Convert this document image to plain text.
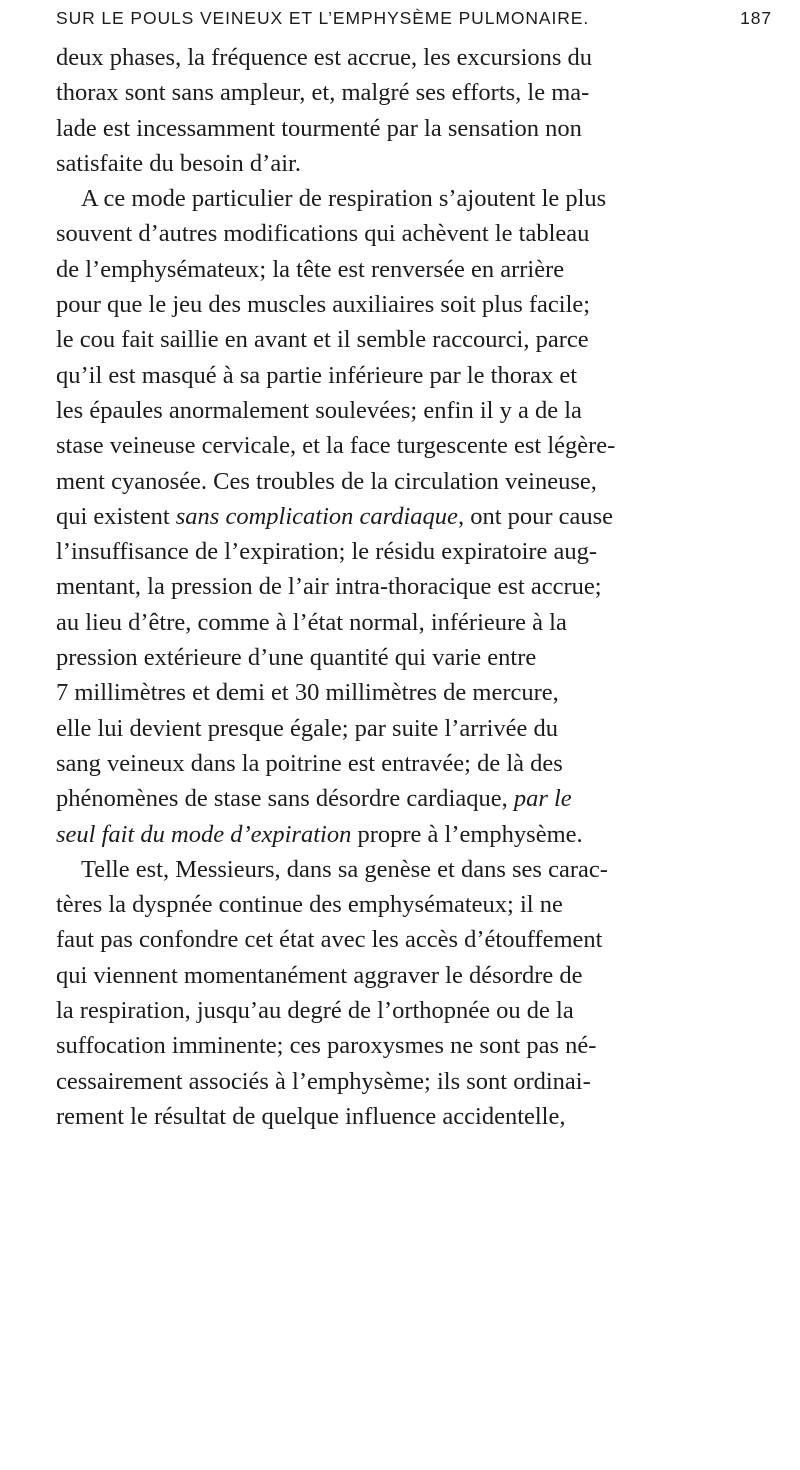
SUR LE POULS VEINEUX ET L’EMPHYSÈME PULMONAIRE.	187
deux phases, la fréquence est accrue, les excursions du
thorax sont sans ampleur, et, malgré ses efforts, le ma-
lade est incessamment tourmenté par la sensation non
satisfaite du besoin d’air.
A ce mode particulier de respiration s’ajoutent le plus
souvent d’autres modifications qui achèvent le tableau
de l’emphysémateux; la tête est renversée en arrière
pour que le jeu des muscles auxiliaires soit plus facile;
le cou fait saillie en avant et il semble raccourci, parce
qu’il est masqué à sa partie inférieure par le thorax et
les épaules anormalement soulevées; enfin il y a de la
stase veineuse cervicale, et la face turgescente est légère-
ment cyanosée. Ces troubles de la circulation veineuse,
qui existent sans complication cardiaque, ont pour cause
l’insuffisance de l’expiration; le résidu expiratoire aug-
mentant, la pression de l’air intra-thoracique est accrue;
au lieu d’être, comme à l’état normal, inférieure à la
pression extérieure d’une quantité qui varie entre
7 millimètres et demi et 30 millimètres de mercure,
elle lui devient presque égale; par suite l’arrivée du
sang veineux dans la poitrine est entravée; de là des
phénomènes de stase sans désordre cardiaque, par le
seul fait du mode d’expiration propre à l’emphysème.
Telle est, Messieurs, dans sa genèse et dans ses carac-
tères la dyspnée continue des emphysémateux; il ne
faut pas confondre cet état avec les accès d’étouffement
qui viennent momentanément aggraver le désordre de
la respiration, jusqu’au degré de l’orthopnée ou de la
suffocation imminente; ces paroxysmes ne sont pas né-
cessairement associés à l’emphysème; ils sont ordinai-
rement le résultat de quelque influence accidentelle,
